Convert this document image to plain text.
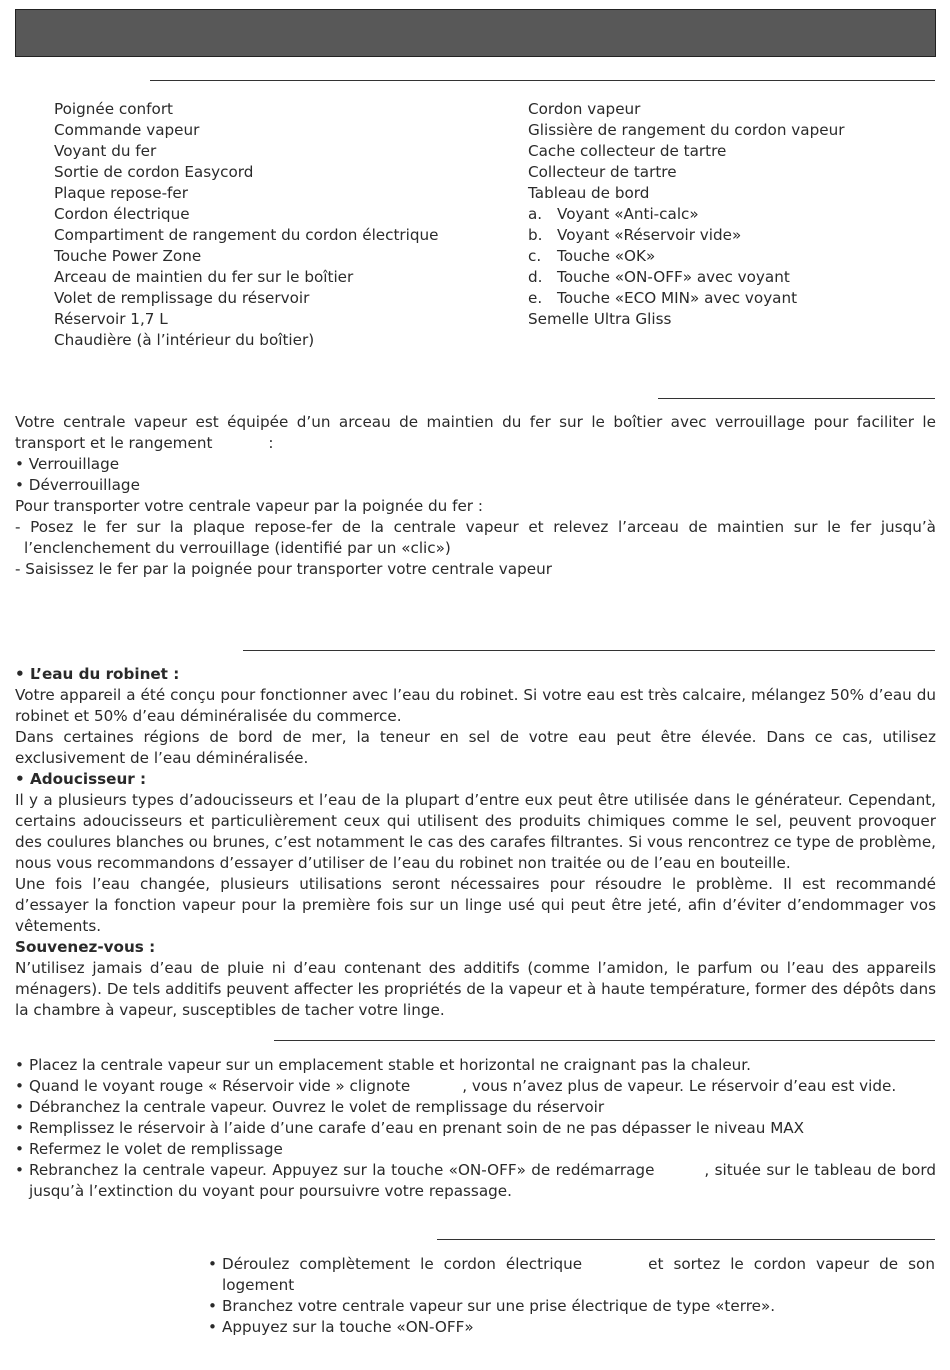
Poignée confort
Commande vapeur
Voyant du fer
Sortie de cordon Easycord
Plaque repose-fer
Cordon électrique
Compartiment de rangement du cordon électrique
Touche Power Zone
Arceau de maintien du fer sur le boîtier
Volet de remplissage du réservoir
Réservoir 1,7 L
Chaudière (à l’intérieur du boîtier)
Cordon vapeur
Glissière de rangement du cordon vapeur
Cache collecteur de tartre
Collecteur de tartre
Tableau de bord
a. Voyant «Anti-calc»
b. Voyant «Réservoir vide»
c.	Touche «OK»
d. Touche «ON-OFF» avec voyant
e. Touche «ECO MIN» avec voyant
Semelle Ultra Gliss
Votre centrale vapeur est équipée d’un arceau de maintien du fer sur le boîtier avec verrouillage pour faciliter le transport et le rangement	:
• Verrouillage
• Déverrouillage
Pour transporter votre centrale vapeur par la poignée du fer :
- Posez le fer sur la plaque repose-fer de la centrale vapeur et relevez l’arceau de maintien sur le fer jusqu’à l’enclenchement du verrouillage (identifié par un «clic»)
- Saisissez le fer par la poignée pour transporter votre centrale vapeur
• L’eau du robinet :
Votre appareil a été conçu pour fonctionner avec l’eau du robinet. Si votre eau est très calcaire, mélangez 50% d’eau du robinet et 50% d’eau déminéralisée du commerce.
Dans certaines régions de bord de mer, la teneur en sel de votre eau peut être élevée. Dans ce cas, utilisez exclusivement de l’eau déminéralisée.
• Adoucisseur :
Il y a plusieurs types d’adoucisseurs et l’eau de la plupart d’entre eux peut être utilisée dans le générateur. Cependant, certains adoucisseurs et particulièrement ceux qui utilisent des produits chimiques comme le sel, peuvent provoquer des coulures blanches ou brunes, c’est notamment le cas des carafes filtrantes. Si vous rencontrez ce type de problème, nous vous recommandons d’essayer d’utiliser de l’eau du robinet non traitée ou de l’eau en bouteille.
Une fois l’eau changée, plusieurs utilisations seront nécessaires pour résoudre le problème. Il est recommandé d’essayer la fonction vapeur pour la première fois sur un linge usé qui peut être jeté, afin d’éviter d’endommager vos vêtements.
Souvenez-vous :
N’utilisez jamais d’eau de pluie ni d’eau contenant des additifs (comme l’amidon, le parfum ou l’eau des appareils ménagers). De tels additifs peuvent affecter les propriétés de la vapeur et à haute température, former des dépôts dans la chambre à vapeur, susceptibles de tacher votre linge.
• Placez la centrale vapeur sur un emplacement stable et horizontal ne craignant pas la chaleur.
• Quand le voyant rouge « Réservoir vide » clignote	, vous n’avez plus de vapeur. Le réservoir d’eau est vide.
• Débranchez la centrale vapeur. Ouvrez le volet de remplissage du réservoir
• Remplissez le réservoir à l’aide d’une carafe d’eau en prenant soin de ne pas dépasser le niveau MAX
• Refermez le volet de remplissage
• Rebranchez la centrale vapeur. Appuyez sur la touche «ON-OFF» de redémarrage	, située sur le tableau de bord jusqu’à l’extinction du voyant pour poursuivre votre repassage.
• Déroulez complètement le cordon électrique	et sortez le cordon vapeur de son logement
• Branchez votre centrale vapeur sur une prise électrique de type «terre».
• Appuyez sur la touche «ON-OFF»
